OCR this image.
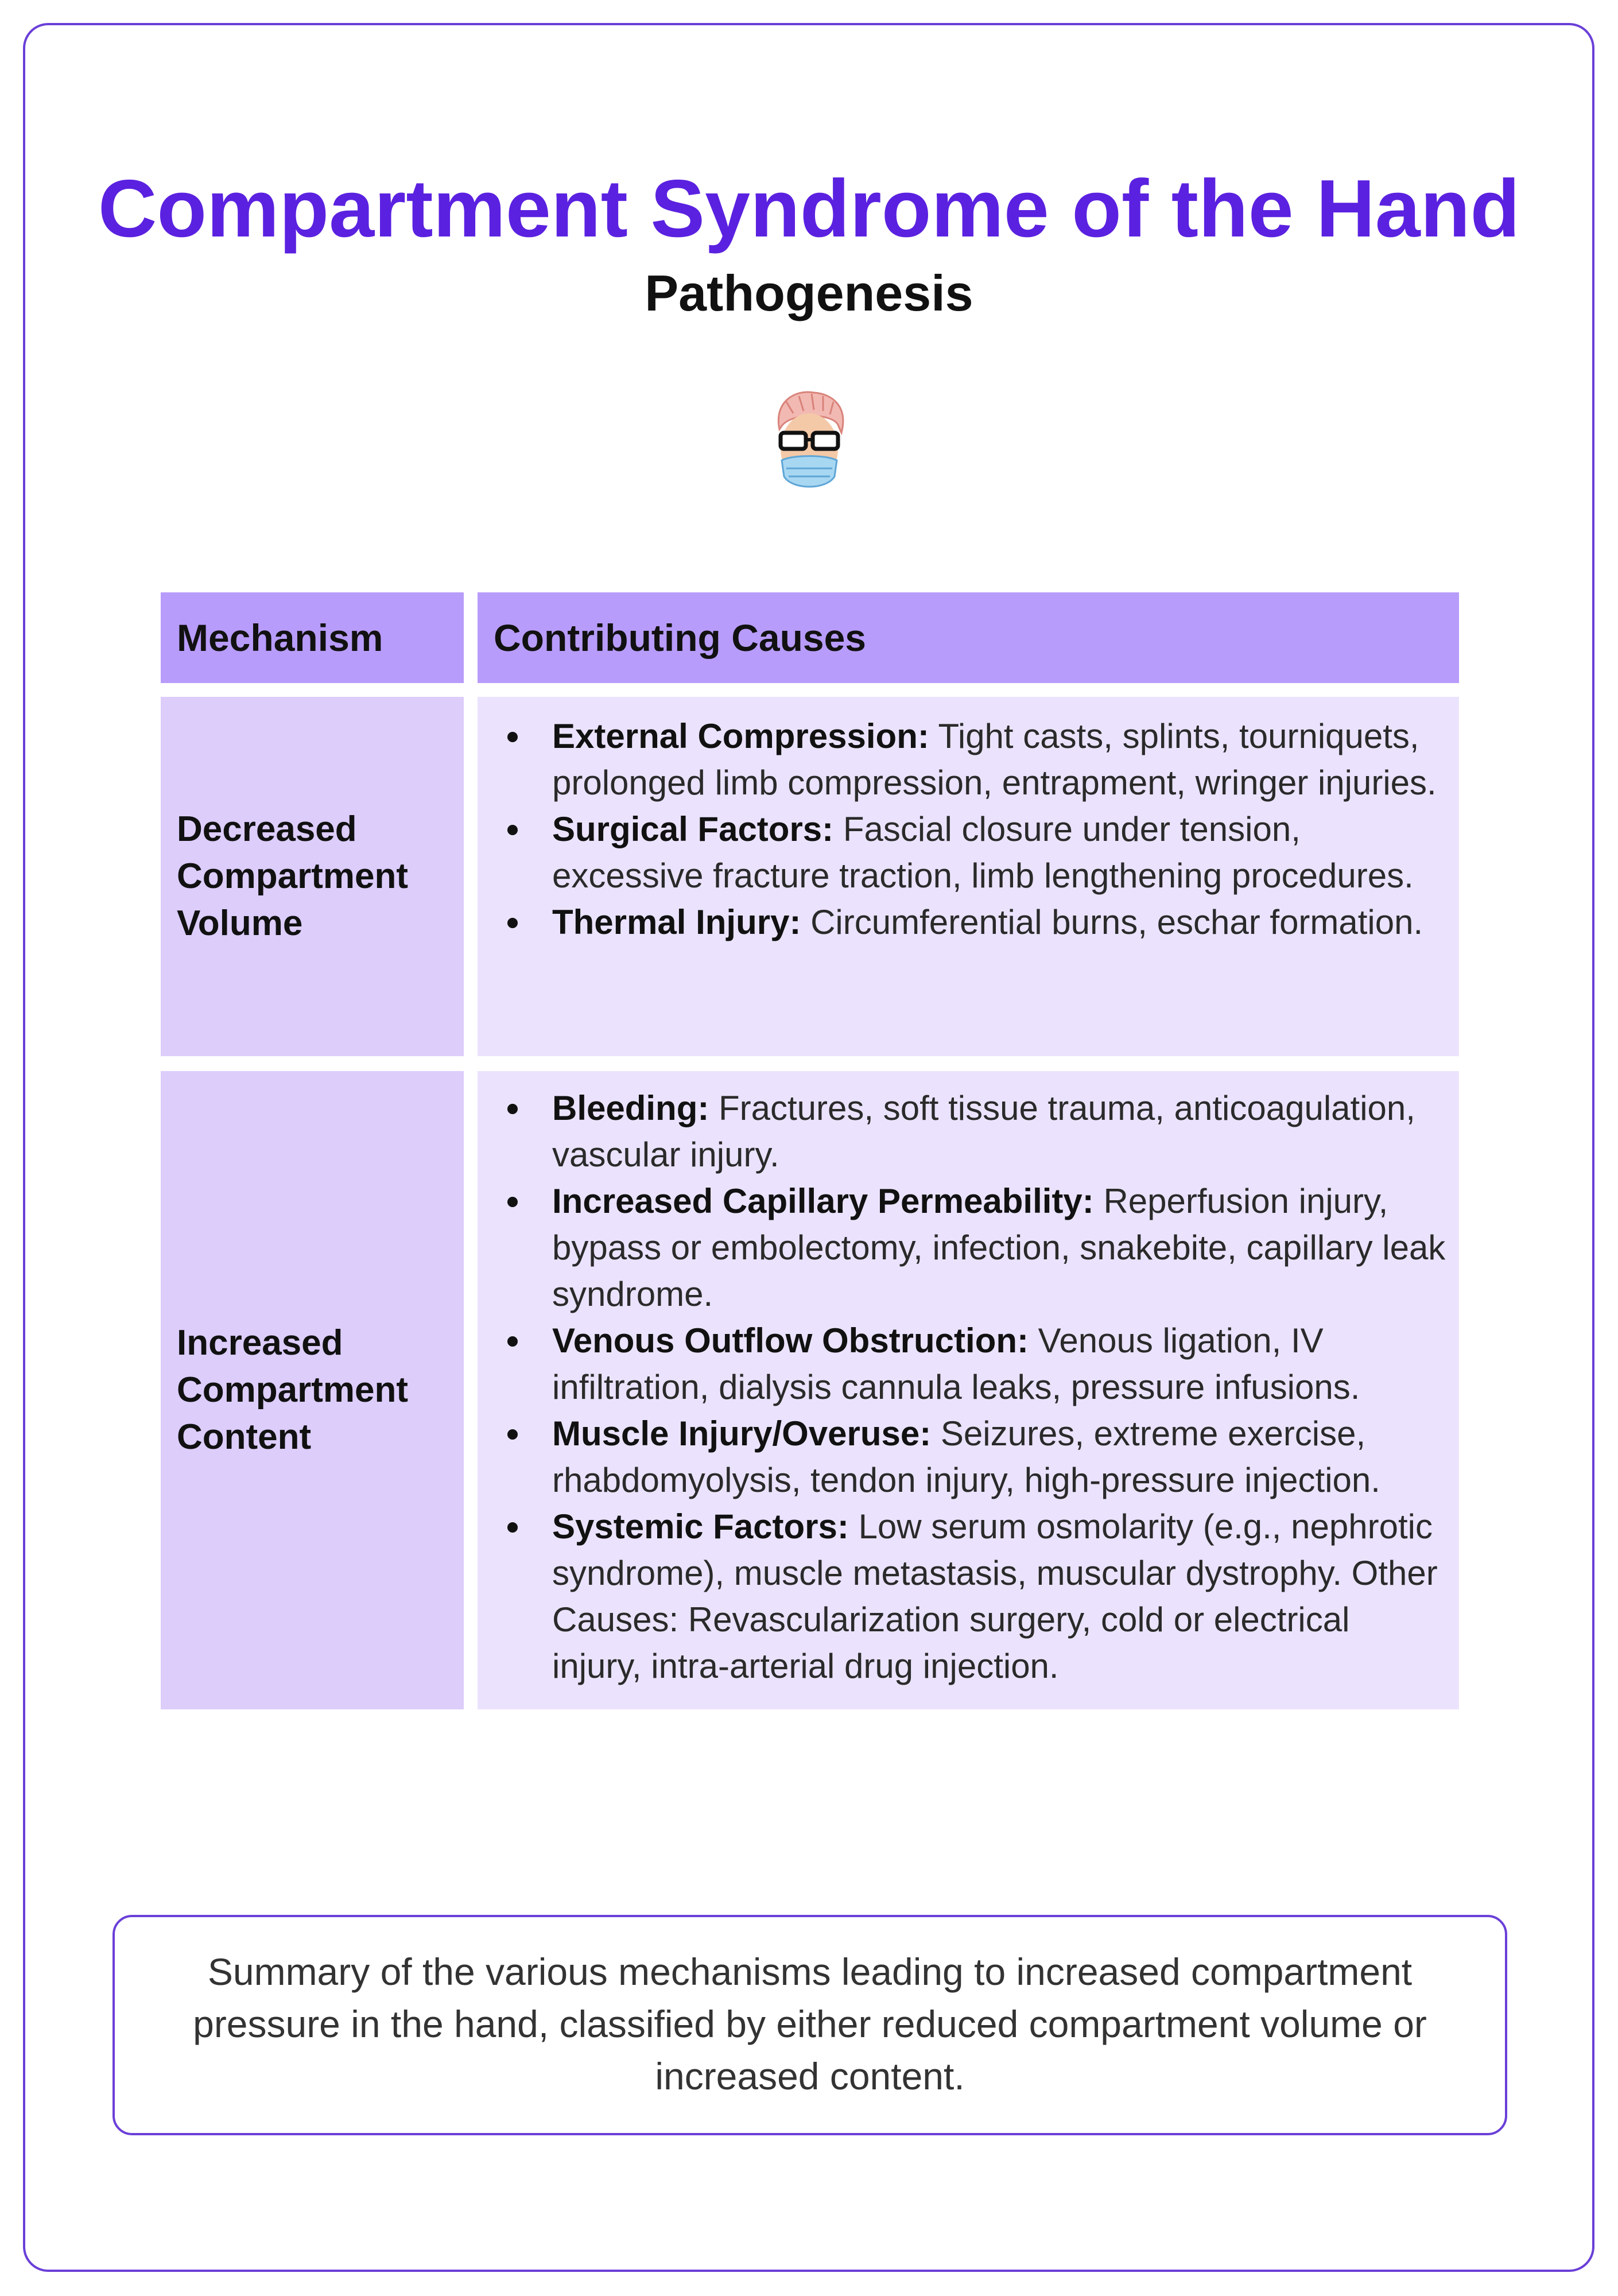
Compartment Syndrome of the Hand
Pathogenesis
Mechanism	Contributing Causes
Decreased Compartment Volume
External Compression: Tight casts, splints, tourniquets, prolonged limb compression, entrapment, wringer injuries.
Surgical Factors: Fascial closure under tension, excessive fracture traction, limb lengthening procedures.
Thermal Injury: Circumferential burns, eschar formation.
Increased Compartment Content
Bleeding: Fractures, soft tissue trauma, anticoagulation, vascular injury.
Increased Capillary Permeability: Reperfusion injury, bypass or embolectomy, infection, snakebite, capillary leak syndrome.
Venous Outflow Obstruction: Venous ligation, IV infiltration, dialysis cannula leaks, pressure infusions.
Muscle Injury/Overuse: Seizures, extreme exercise, rhabdomyolysis, tendon injury, high-pressure injection.
Systemic Factors: Low serum osmolarity (e.g., nephrotic syndrome), muscle metastasis, muscular dystrophy. Other Causes: Revascularization surgery, cold or electrical injury, intra-arterial drug injection.

Summary of the various mechanisms leading to increased compartment pressure in the hand, classified by either reduced compartment volume or increased content.
